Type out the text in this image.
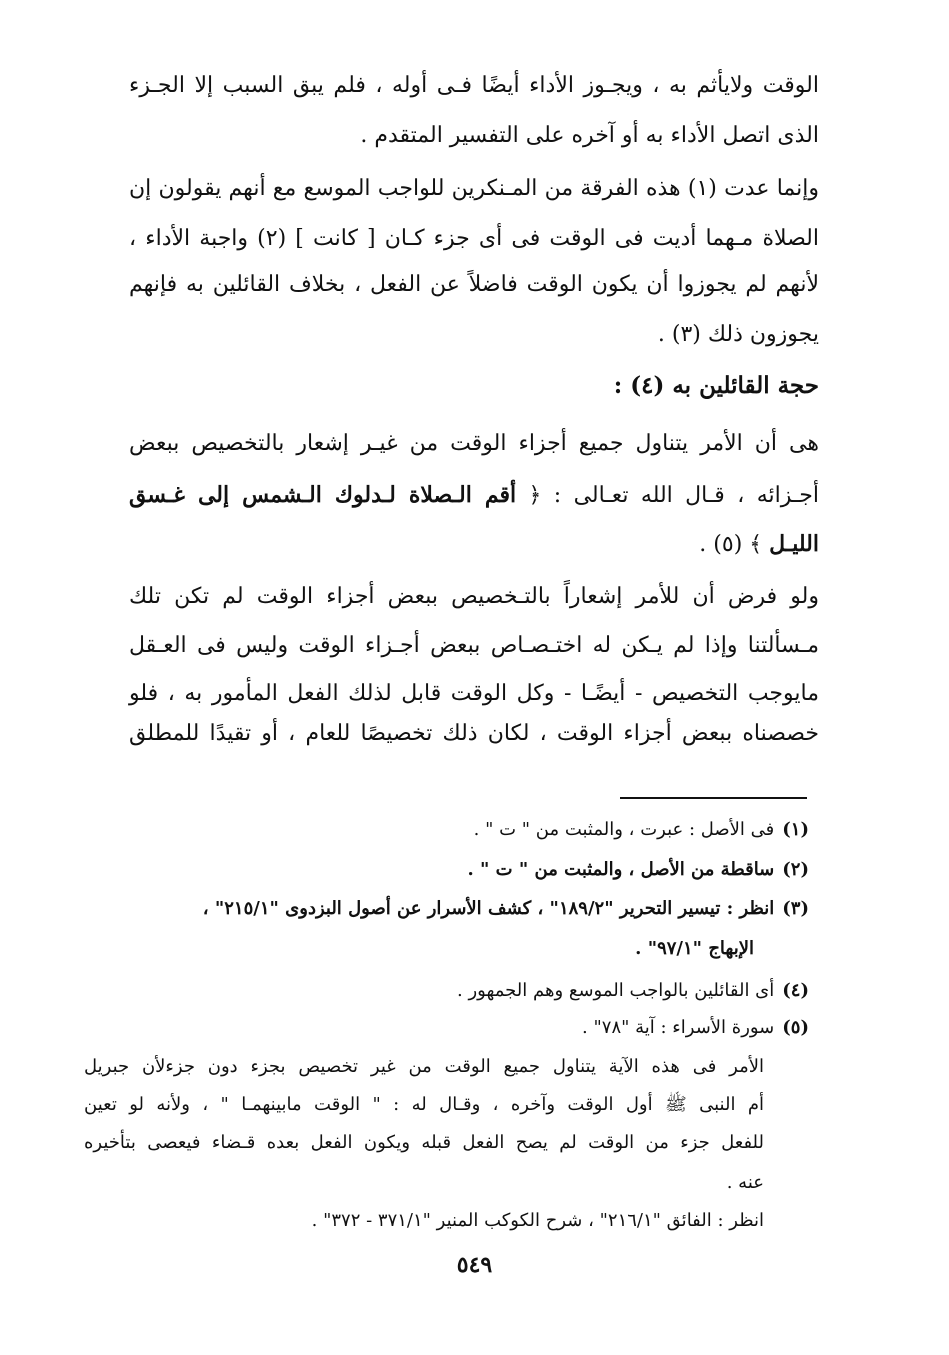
الوقت ولايأثم به ، ويجـوز الأداء أيضًا فـى أوله ، فلم يبق السبب إلا الجـزء
الذى اتصل الأداء به أو آخره على التفسير المتقدم .
وإنما عدت (١) هذه الفرقة من المـنكرين للواجب الموسع مع أنهم يقولون إن
الصلاة مـهما أديت فى الوقت فى أى جزء كـان [ كانت ] (٢) واجبة الأداء ،
لأنهم لم يجوزوا أن يكون الوقت فاضلاً عن الفعل ، بخلاف القائلين به فإنهم
يجوزون ذلك (٣) .
حجة القائلين به (٤) :
هى أن الأمر يتناول جميع أجزاء الوقت من غيـر إشعار بالتخصيص ببعض
أجـزائه ، قـال الله تعـالى : ﴿ أقم الـصلاة لـدلوك الـشمس إلى غـسق
الليـل ﴾ (٥) .
ولو فرض أن للأمر إشعاراً بالتـخصيص ببعض أجزاء الوقت لم تكن تلك
مـسألتنا وإذا لم يـكن له اختـصـاص ببعض أجـزاء الوقت وليس فى العـقل
مايوجب التخصيص - أيضًـا - وكل الوقت قابل لذلك الفعل المأمور به ، فلو
خصصناه ببعض أجزاء الوقت ، لكان ذلك تخصيصًا للعام ، أو تقيدًا للمطلق
(١)فى الأصل : عبرت ، والمثبت من " ت " .
(٢)ساقطة من الأصل ، والمثبت من " ت " .
(٣)انظر : تيسير التحرير "١٨٩/٢" ، كشف الأسرار عن أصول البزدوى "٢١٥/١" ،
الإبهاج "٩٧/١" .
(٤)أى القائلين بالواجب الموسع وهم الجمهور .
(٥)سورة الأسراء : آية "٧٨" .
الأمر فى هذه الآية يتناول جميع الوقت من غير تخصيص بجزء دون جزءلأن جبريل
أم النبى ﷺ أول الوقت وآخره ، وقـال له : " الوقت مابينهمـا " ، ولأنه لو تعين
للفعل جزء من الوقت لم يصح الفعل قبله ويكون الفعل بعده قـضاء فيعصى بتأخيره
عنه .
انظر : الفائق "٢١٦/١" ، شرح الكوكب المنير "٣٧١/١ - ٣٧٢" .
٥٤٩
